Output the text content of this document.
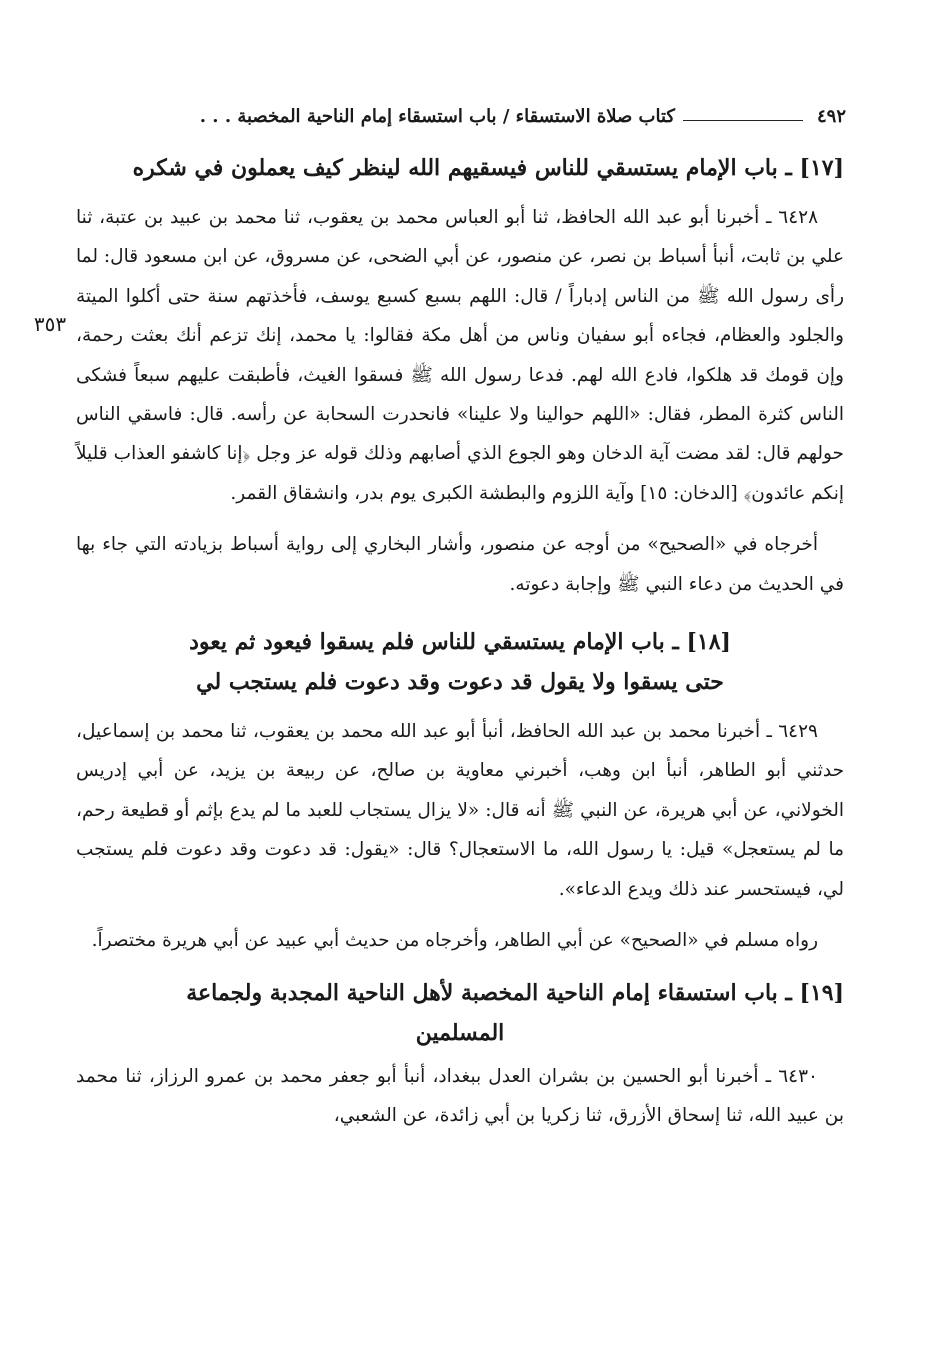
٤٩٢
كتاب صلاة الاستسقاء / باب استسقاء إمام الناحية المخصبة . . .
٣٥٣
[١٧] ـ باب الإمام يستسقي للناس فيسقيهم الله لينظر كيف يعملون في شكره

٦٤٢٨ ـ أخبرنا أبو عبد الله الحافظ، ثنا أبو العباس محمد بن يعقوب، ثنا محمد بن عبيد بن عتبة، ثنا علي بن ثابت، أنبأ أسباط بن نصر، عن منصور، عن أبي الضحى، عن مسروق، عن ابن مسعود قال: لما رأى رسول الله ﷺ من الناس إدباراً / قال: اللهم بسبع كسبع يوسف، فأخذتهم سنة حتى أكلوا الميتة والجلود والعظام، فجاءه أبو سفيان وناس من أهل مكة فقالوا: يا محمد، إنك تزعم أنك بعثت رحمة، وإن قومك قد هلكوا، فادع الله لهم. فدعا رسول الله ﷺ فسقوا الغيث، فأطبقت عليهم سبعاً فشكى الناس كثرة المطر، فقال: «اللهم حوالينا ولا علينا» فانحدرت السحابة عن رأسه. قال: فاسقي الناس حولهم قال: لقد مضت آية الدخان وهو الجوع الذي أصابهم وذلك قوله عز وجل ﴿إنا كاشفو العذاب قليلاً إنكم عائدون﴾ [الدخان: ١٥] وآية اللزوم والبطشة الكبرى يوم بدر، وانشقاق القمر.

أخرجاه في «الصحيح» من أوجه عن منصور، وأشار البخاري إلى رواية أسباط بزيادته التي جاء بها في الحديث من دعاء النبي ﷺ وإجابة دعوته.

[١٨] ـ باب الإمام يستسقي للناس فلم يسقوا فيعود ثم يعود
حتى يسقوا ولا يقول قد دعوت وقد دعوت فلم يستجب لي

٦٤٢٩ ـ أخبرنا محمد بن عبد الله الحافظ، أنبأ أبو عبد الله محمد بن يعقوب، ثنا محمد بن إسماعيل، حدثني أبو الطاهر، أنبأ ابن وهب، أخبرني معاوية بن صالح، عن ربيعة بن يزيد، عن أبي إدريس الخولاني، عن أبي هريرة، عن النبي ﷺ أنه قال: «لا يزال يستجاب للعبد ما لم يدع بإثم أو قطيعة رحم، ما لم يستعجل» قيل: يا رسول الله، ما الاستعجال؟ قال: «يقول: قد دعوت وقد دعوت فلم يستجب لي، فيستحسر عند ذلك ويدع الدعاء».

رواه مسلم في «الصحيح» عن أبي الطاهر، وأخرجاه من حديث أبي عبيد عن أبي هريرة مختصراً.

[١٩] ـ باب استسقاء إمام الناحية المخصبة لأهل الناحية المجدبة ولجماعة

المسلمين

٦٤٣٠ ـ أخبرنا أبو الحسين بن بشران العدل ببغداد، أنبأ أبو جعفر محمد بن عمرو الرزاز، ثنا محمد بن عبيد الله، ثنا إسحاق الأزرق، ثنا زكريا بن أبي زائدة، عن الشعبي،
